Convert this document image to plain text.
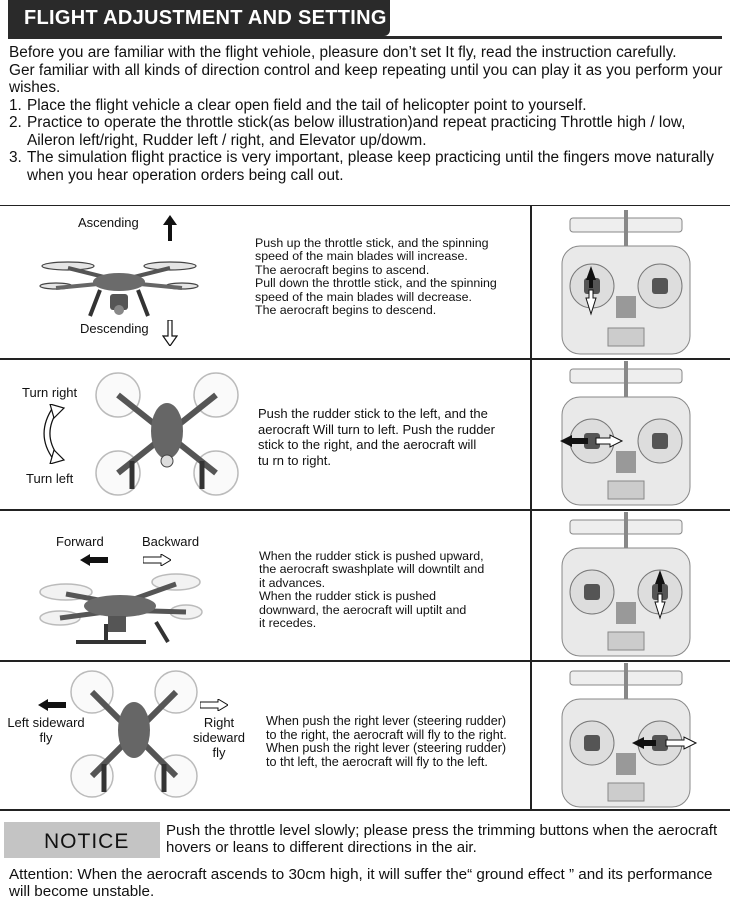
FLIGHT ADJUSTMENT AND SETTING

Before you are familiar with the flight vehiole, pleasure don’t set It fly, read the instruction carefully.

Ger familiar with all kinds of direction control and keep repeating until you can play it as you perform your wishes.

1. Place the flight vehicle a clear open field and the tail of helicopter point to yourself.
2. Practice to operate the throttle stick(as below illustration)and repeat practicing Throttle high / low, Aileron left/right, Rudder left / right, and Elevator up/dowm.
3. The simulation flight practice is very important, please keep practicing until the fingers move naturally when you hear operation orders being call out.
Ascending
Descending
Push up the throttle stick, and the spinning
speed of the main blades will increase.
The aerocraft begins to ascend.
Pull down the throttle stick, and the spinning
speed of the main blades will decrease.
The aerocraft begins to descend.
Turn right
Turn left
Push the rudder stick to the left, and the
aerocraft Will turn to left. Push the rudder
stick to the right, and the aerocraft will
tu rn to right.
Forward	Backward
When the rudder stick is pushed upward,
the aerocraft swashplate will downtilt and
it advances.
When the rudder stick is pushed
downward, the aerocraft will uptilt and
it recedes.
Left sideward fly
Right sideward fly
When push the right lever (steering rudder)
to the right, the aerocraft will fly to the right.
When push the right lever (steering rudder)
to tht left, the aerocraft will fly to the left.
NOTICE Push the throttle level slowly; please press the trimming buttons when the aerocraft hovers or leans to different directions in the air.
Attention: When the aerocraft ascends to 30cm high, it will suffer the“ ground effect ” and its performance will become unstable.
